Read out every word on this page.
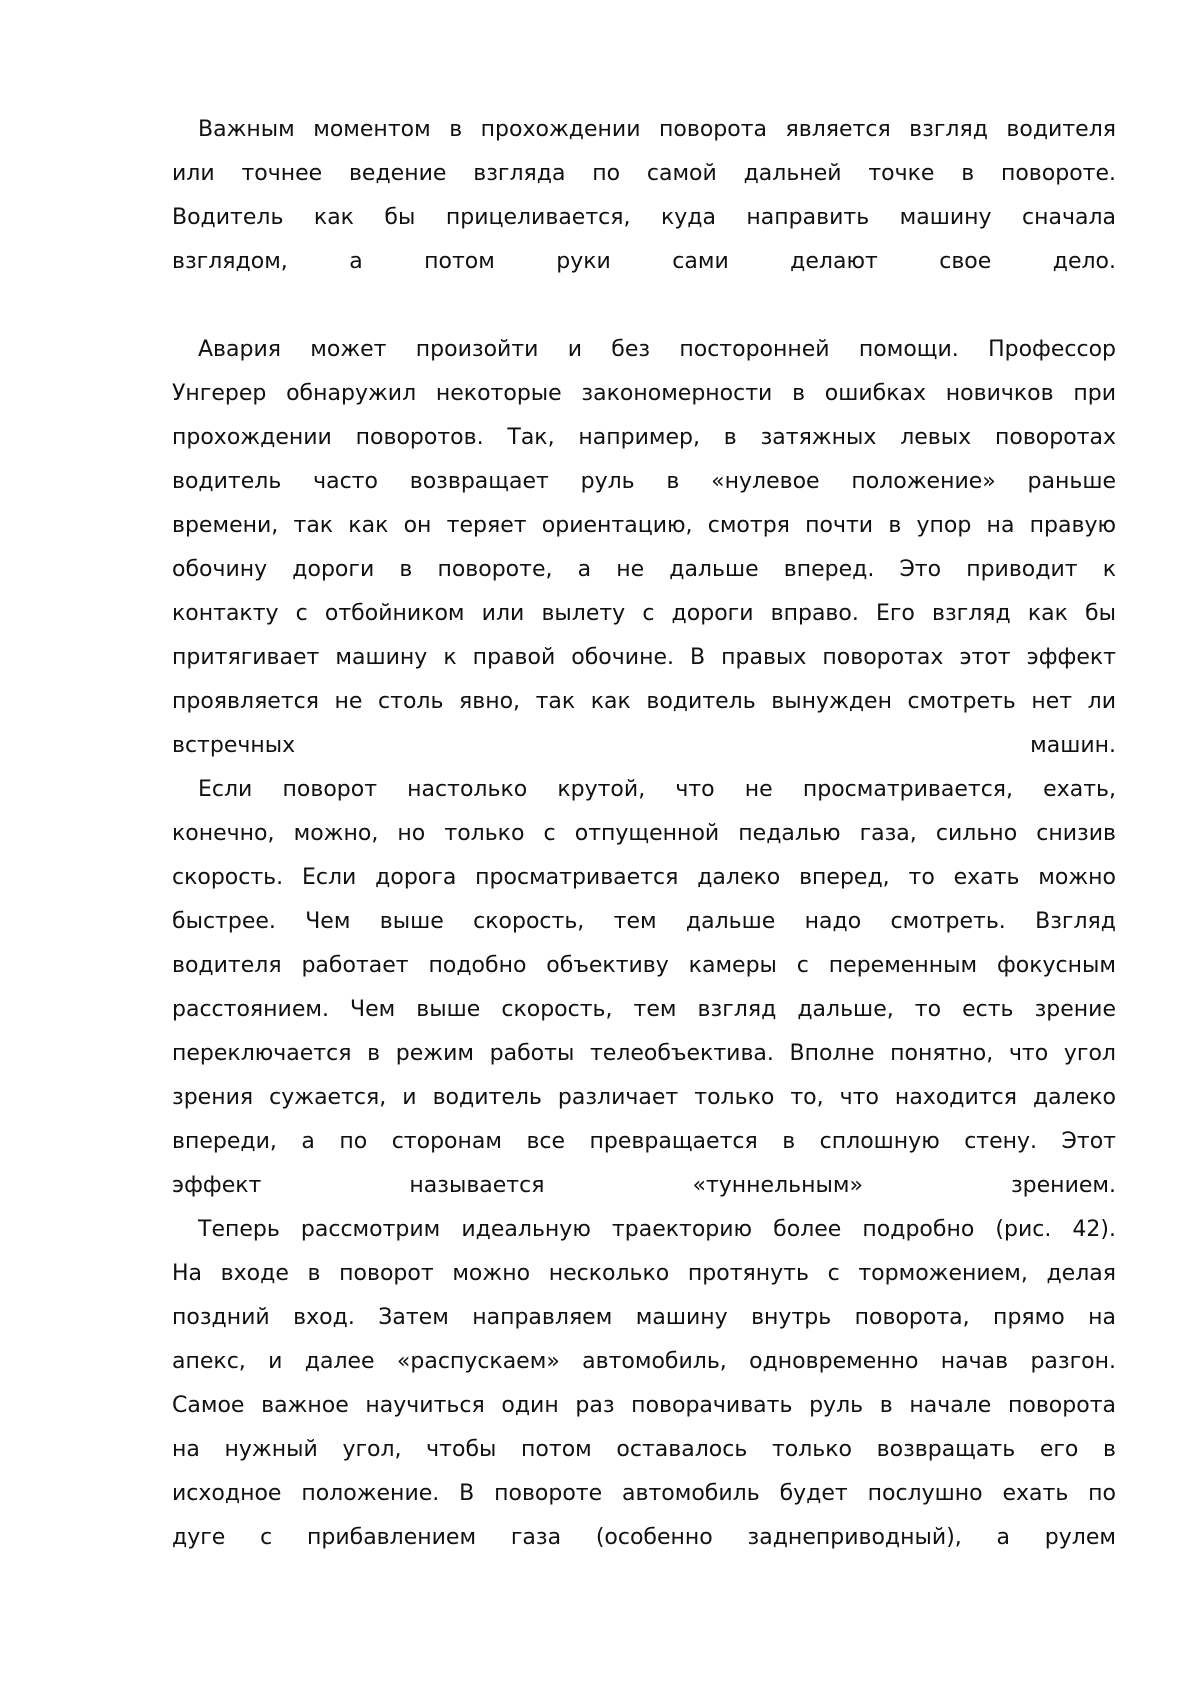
Важным моментом в прохождении поворота является взгляд водителя
или точнее ведение взгляда по самой дальней точке в повороте.
Водитель как бы прицеливается, куда направить машину сначала
взглядом, а потом руки сами делают свое дело.
Авария может произойти и без посторонней помощи. Профессор
Унгерер обнаружил некоторые закономерности в ошибках новичков при
прохождении поворотов. Так, например, в затяжных левых поворотах
водитель часто возвращает руль в «нулевое положение» раньше
времени, так как он теряет ориентацию, смотря почти в упор на правую
обочину дороги в повороте, а не дальше вперед. Это приводит к
контакту с отбойником или вылету с дороги вправо. Его взгляд как бы
притягивает машину к правой обочине. В правых поворотах этот эффект
проявляется не столь явно, так как водитель вынужден смотреть нет ли
встречных машин.
Если поворот настолько крутой, что не просматривается, ехать,
конечно, можно, но только с отпущенной педалью газа, сильно снизив
скорость. Если дорога просматривается далеко вперед, то ехать можно
быстрее. Чем выше скорость, тем дальше надо смотреть. Взгляд
водителя работает подобно объективу камеры с переменным фокусным
расстоянием. Чем выше скорость, тем взгляд дальше, то есть зрение
переключается в режим работы телеобъектива. Вполне понятно, что угол
зрения сужается, и водитель различает только то, что находится далеко
впереди, а по сторонам все превращается в сплошную стену. Этот
эффект называется «туннельным» зрением.
Теперь рассмотрим идеальную траекторию более подробно (рис. 42).
На входе в поворот можно несколько протянуть с торможением, делая
поздний вход. Затем направляем машину внутрь поворота, прямо на
апекс, и далее «распускаем» автомобиль, одновременно начав разгон.
Самое важное научиться один раз поворачивать руль в начале поворота
на нужный угол, чтобы потом оставалось только возвращать его в
исходное положение. В повороте автомобиль будет послушно ехать по
дуге с прибавлением газа (особенно заднеприводный), а рулем
